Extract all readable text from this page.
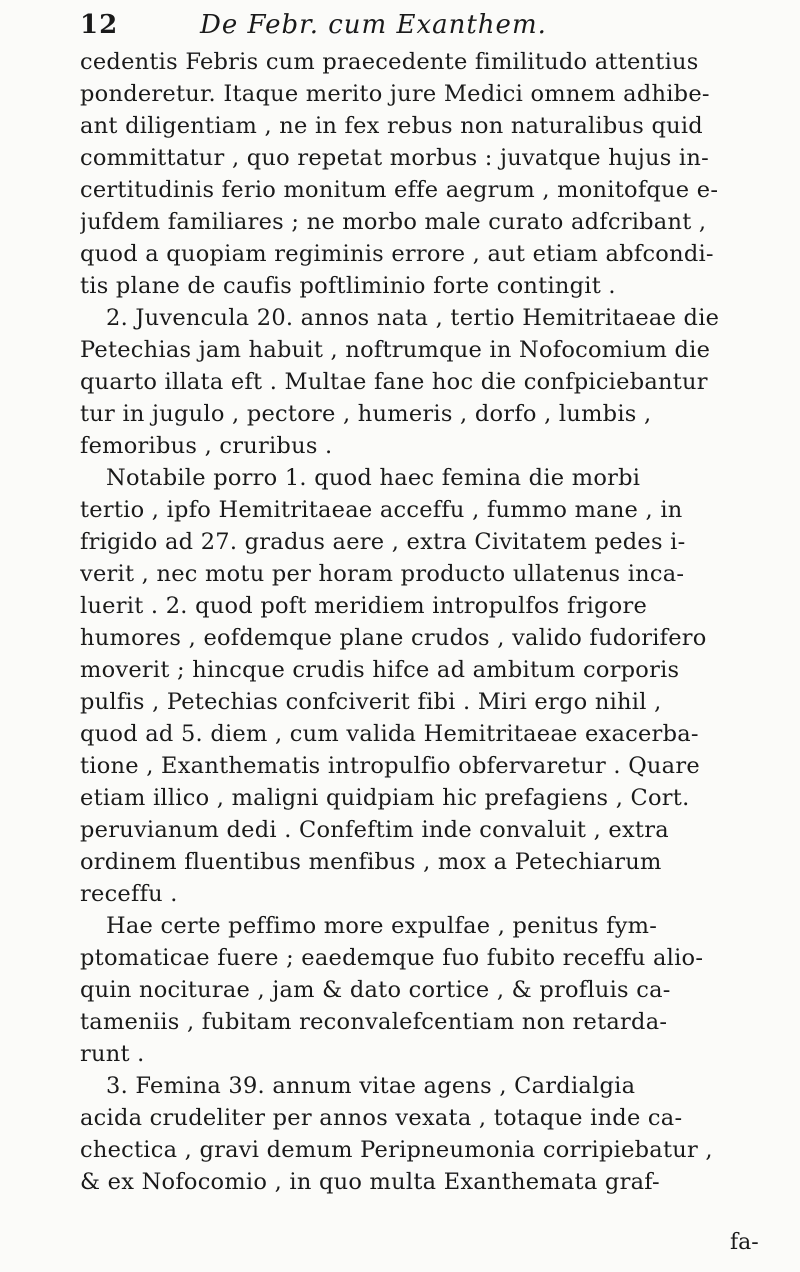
12	De Febr. cum Exanthem.
cedentis Febris cum praecedente fimilitudo attentius
ponderetur. Itaque merito jure Medici omnem adhibe-
ant diligentiam , ne in fex rebus non naturalibus quid
committatur , quo repetat morbus : juvatque hujus in-
certitudinis ferio monitum effe aegrum , monitofque e-
jufdem familiares ; ne morbo male curato adfcribant ,
quod a quopiam regiminis errore , aut etiam abfcondi-
tis plane de caufis poftliminio forte contingit .
2. Juvencula 20. annos nata , tertio Hemitritaeae die
Petechias jam habuit , noftrumque in Nofocomium die
quarto illata eft . Multae fane hoc die confpiciebantur
tur in jugulo , pectore , humeris , dorfo , lumbis ,
femoribus , cruribus .
Notabile porro 1. quod haec femina die morbi
tertio , ipfo Hemitritaeae acceffu , fummo mane , in
frigido ad 27. gradus aere , extra Civitatem pedes i-
verit , nec motu per horam producto ullatenus inca-
luerit . 2. quod poft meridiem intropulfos frigore
humores , eofdemque plane crudos , valido fudorifero
moverit ; hincque crudis hifce ad ambitum corporis
pulfis , Petechias confciverit fibi . Miri ergo nihil ,
quod ad 5. diem , cum valida Hemitritaeae exacerba-
tione , Exanthematis intropulfio obfervaretur . Quare
etiam illico , maligni quidpiam hic prefagiens , Cort.
peruvianum dedi . Confeftim inde convaluit , extra
ordinem fluentibus menfibus , mox a Petechiarum
receffu .
Hae certe peffimo more expulfae , penitus fym-
ptomaticae fuere ; eaedemque fuo fubito receffu alio-
quin nociturae , jam & dato cortice , & profluis ca-
tameniis , fubitam reconvalefcentiam non retarda-
runt .
3. Femina 39. annum vitae agens , Cardialgia
acida crudeliter per annos vexata , totaque inde ca-
chectica , gravi demum Peripneumonia corripiebatur ,
& ex Nofocomio , in quo multa Exanthemata graf-
fa-
